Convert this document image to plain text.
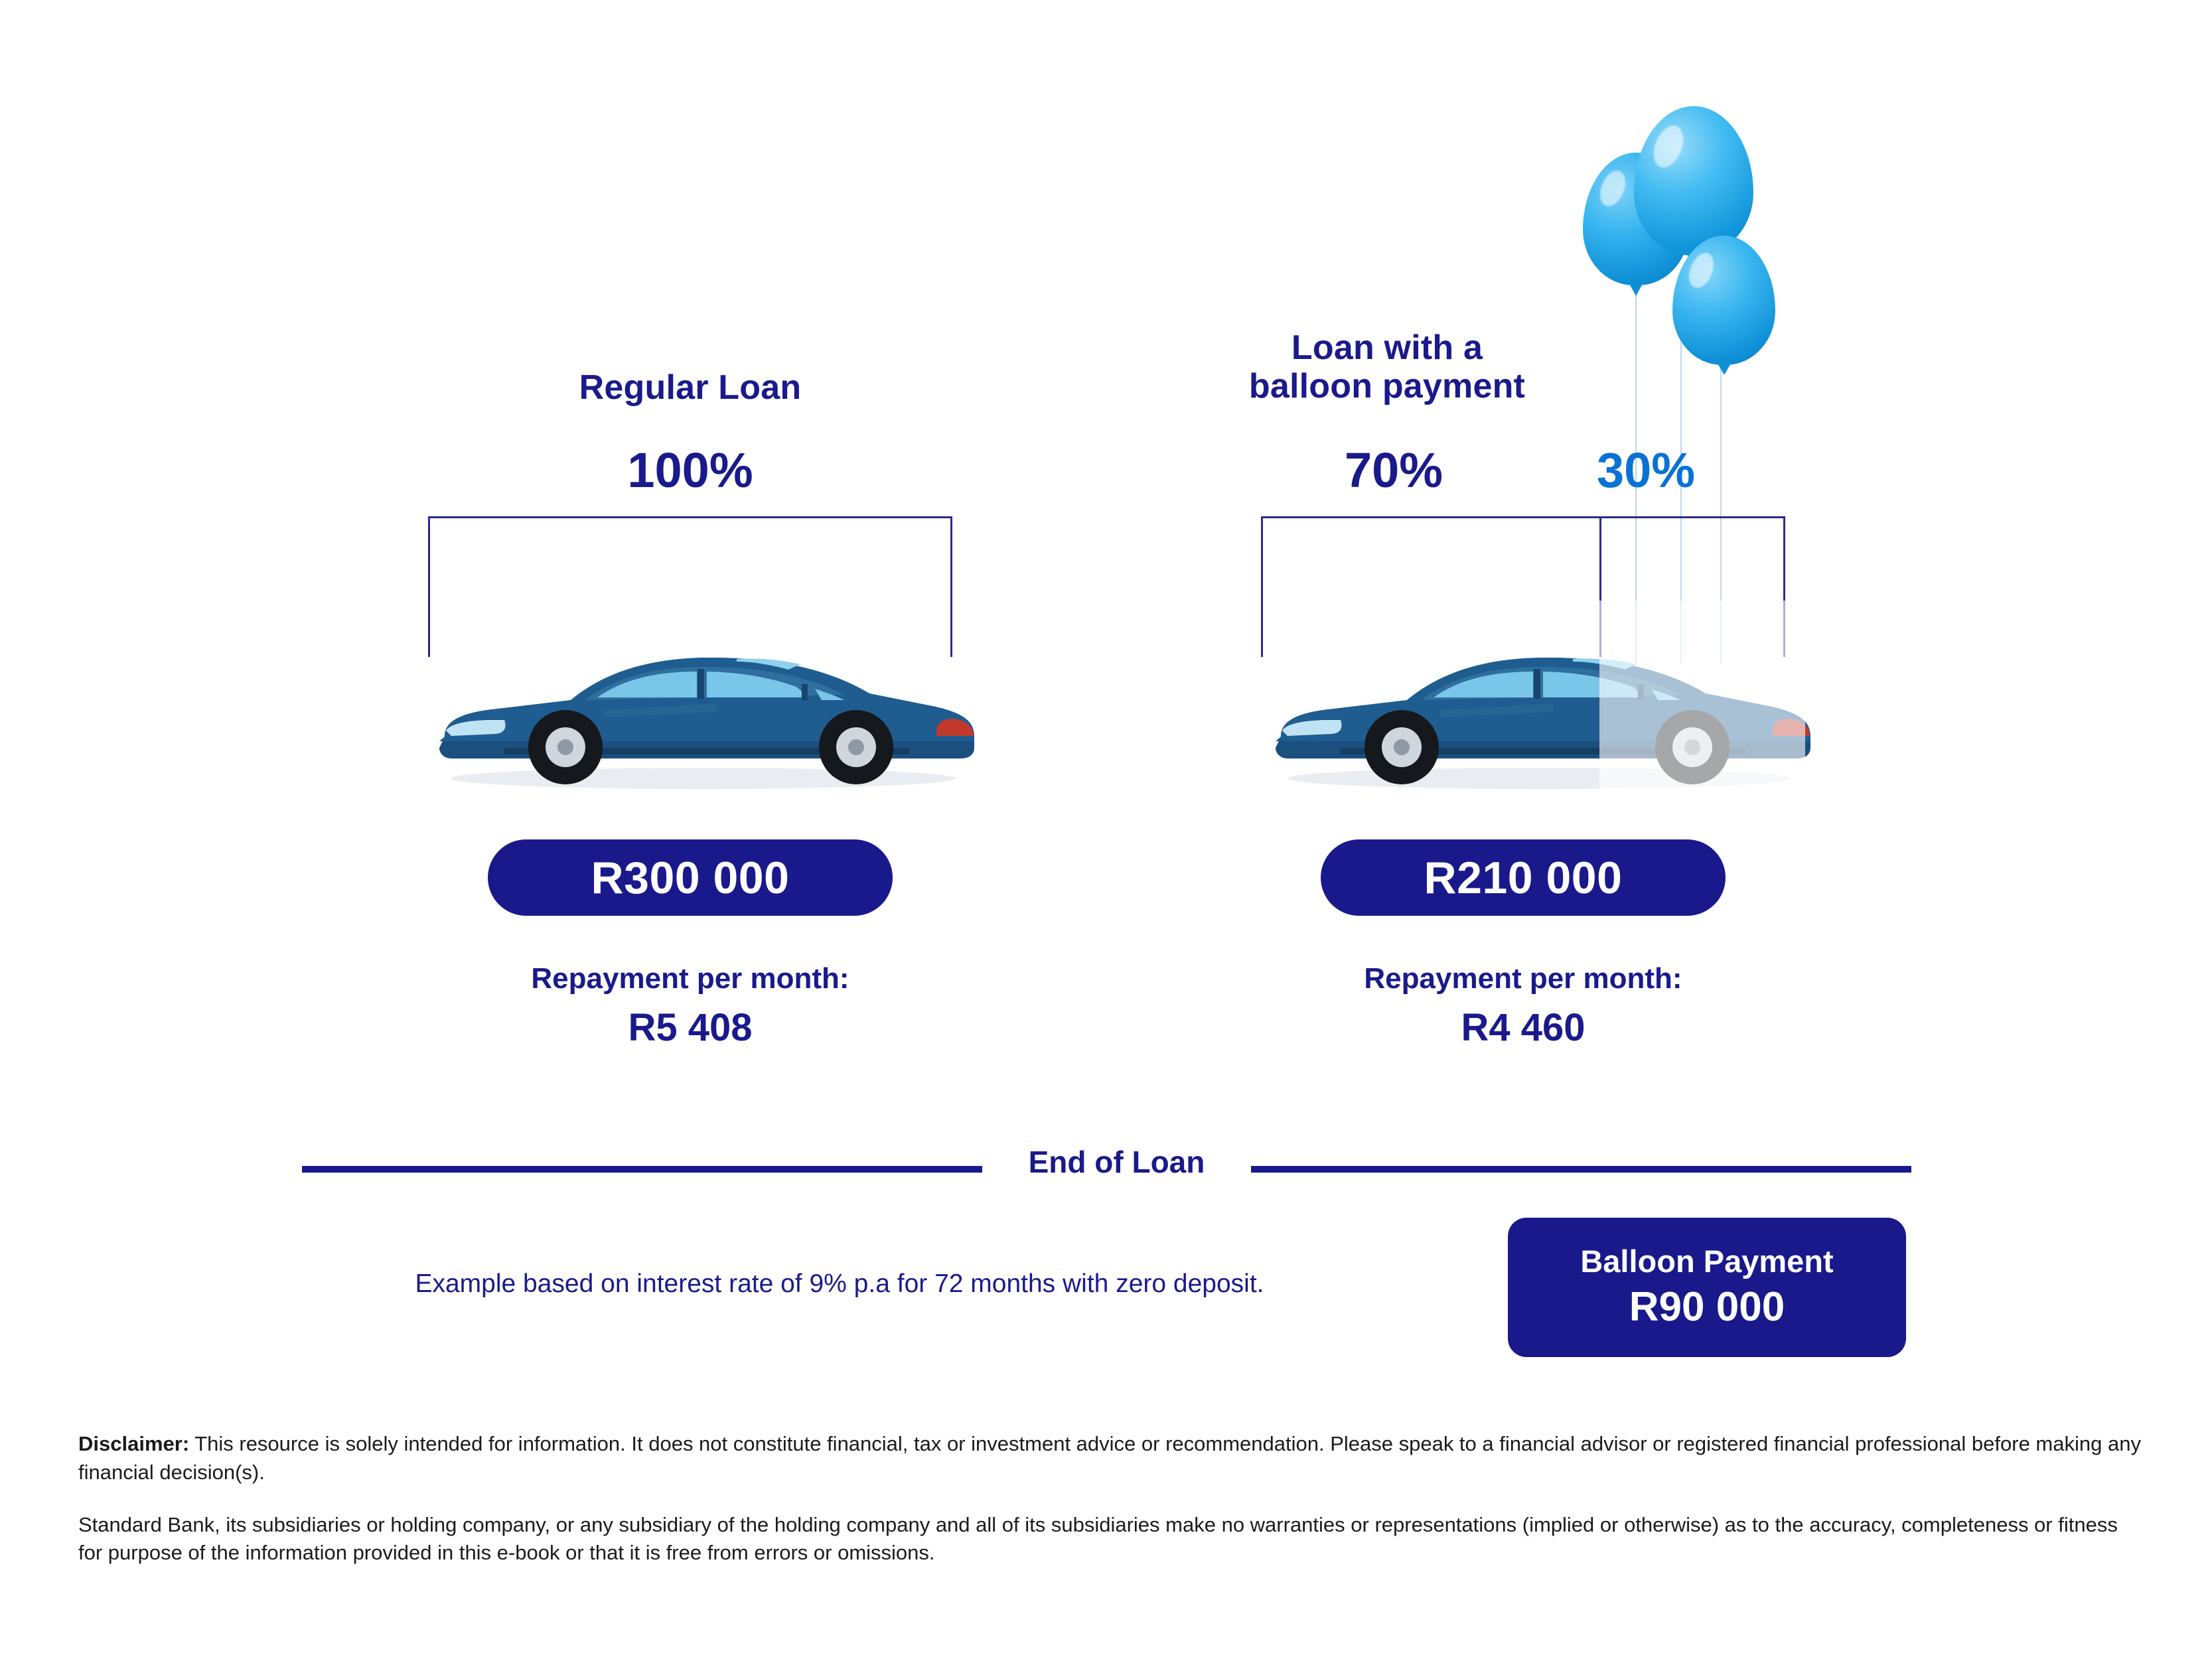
Regular Loan
100%
R300 000
Repayment per month:
R5 408
Loan with a
balloon payment
70%	30%
R210 000
Repayment per month:
R4 460
End of Loan
Example based on interest rate of 9% p.a for 72 months with zero deposit.
Balloon Payment
R90 000

Disclaimer: This resource is solely intended for information. It does not constitute financial, tax or investment advice or recommendation. Please speak to a financial advisor or registered financial professional before making any financial decision(s).

Standard Bank, its subsidiaries or holding company, or any subsidiary of the holding company and all of its subsidiaries make no warranties or representations (implied or otherwise) as to the accuracy, completeness or fitness for purpose of the information provided in this e-book or that it is free from errors or omissions.
